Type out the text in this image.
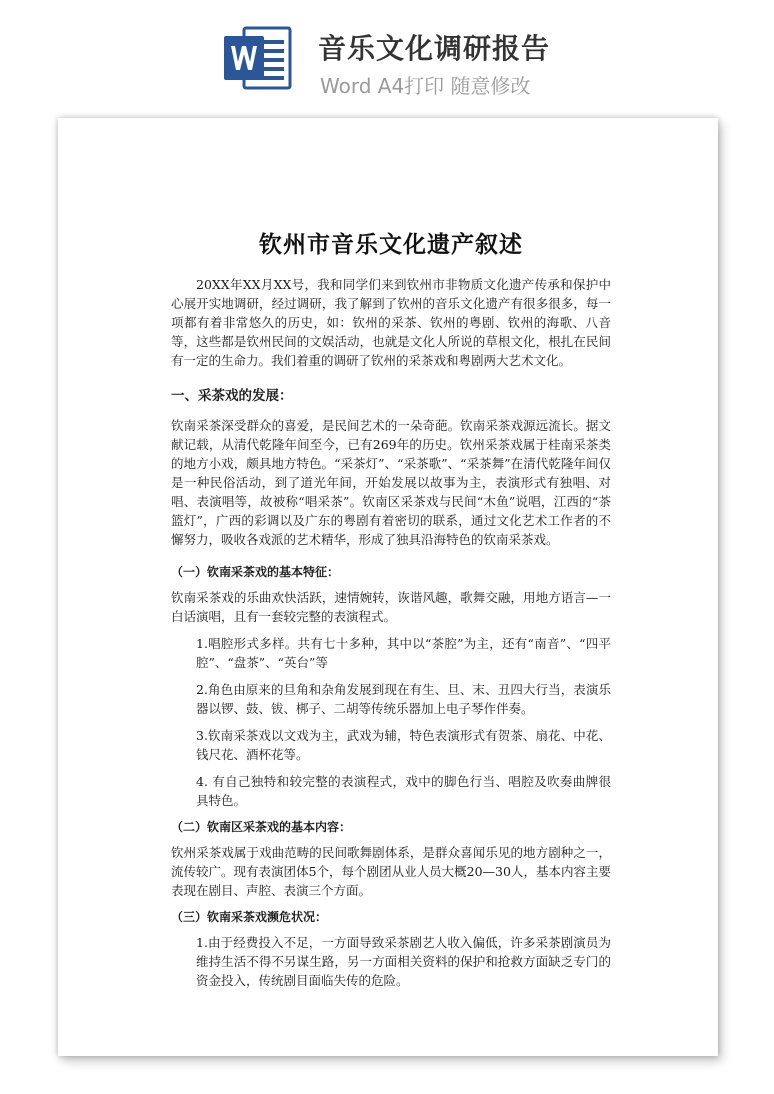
音乐文化调研报告
Word A4打印 随意修改
​
钦州市音乐文化遗产叙述

20XX年XX月XX号，我和同学们来到钦州市非物质文化遗产传承和保护中心展开实地调研，经过调研，我了解到了钦州的音乐文化遗产有很多很多，每一项都有着非常悠久的历史，如：钦州的采茶、钦州的粤剧、钦州的海歌、八音等，这些都是钦州民间的文娱活动，也就是文化人所说的草根文化，根扎在民间有一定的生命力。我们着重的调研了钦州的采茶戏和粤剧两大艺术文化。

一、采茶戏的发展：

钦南采茶深受群众的喜爱，是民间艺术的一朵奇葩。钦南采茶戏源远流长。据文献记载，从清代乾隆年间至今，已有269年的历史。钦州采茶戏属于桂南采茶类的地方小戏，颇具地方特色。“采茶灯”、“采茶歌”、“采茶舞”在清代乾隆年间仅是一种民俗活动，到了道光年间，开始发展以故事为主，表演形式有独唱、对唱、表演唱等，故被称“唱采茶”。钦南区采茶戏与民间“木鱼”说唱，江西的“茶篮灯”，广西的彩调以及广东的粤剧有着密切的联系，通过文化艺术工作者的不懈努力，吸收各戏派的艺术精华，形成了独具沿海特色的钦南采茶戏。

（一）钦南采茶戏的基本特征：

钦南采茶戏的乐曲欢快活跃，速情婉转，诙谐风趣，歌舞交融，用地方语言—一白话演唱，且有一套较完整的表演程式。

1.唱腔形式多样。共有七十多种，其中以“茶腔”为主，还有“南音”、“四平腔”、“盘茶”、“英台”等

2.角色由原来的旦角和杂角发展到现在有生、旦、末、丑四大行当，表演乐器以锣、鼓、钹、梆子、二胡等传统乐器加上电子琴作伴奏。

3.钦南采茶戏以文戏为主，武戏为辅，特色表演形式有贺茶、扇花、中花、钱尺花、酒杯花等。

4. 有自己独特和较完整的表演程式，戏中的脚色行当、唱腔及吹奏曲牌很具特色。

（二）钦南区采茶戏的基本内容：

钦州采茶戏属于戏曲范畴的民间歌舞剧体系，是群众喜闻乐见的地方剧种之一，流传较广。现有表演团体5个，每个剧团从业人员大概20—30人，基本内容主要表现在剧目、声腔、表演三个方面。

（三）钦南采茶戏濒危状况：

1.由于经费投入不足，一方面导致采茶剧艺人收入偏低，许多采茶剧演员为维持生活不得不另谋生路，另一方面相关资料的保护和抢救方面缺乏专门的资金投入，传统剧目面临失传的危险。
